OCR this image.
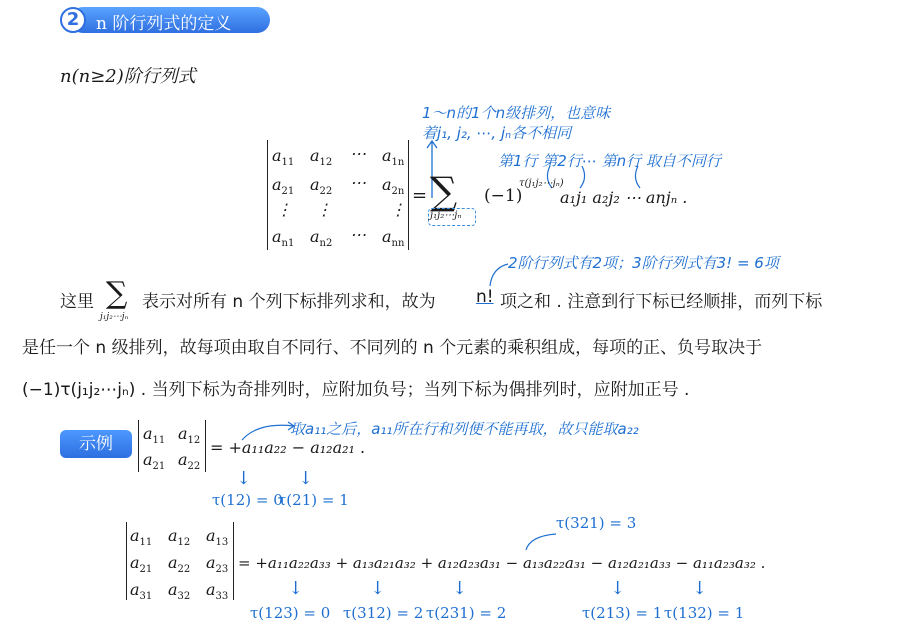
2 n 阶行列式的定义
n(n≥2)阶行列式
1～n的1个n级排列，也意味
着j₁, j₂, ⋯, jₙ各不相同
第1行 第2行⋯ 第n行 取自不同行
$a_{11}$ $a_{12}$ ⋯ $a_{1n}$
$a_{21}$ $a_{22}$ ⋯ $a_{2n}$
⋮ ⋮	⋮
$a_{n1}$ $a_{n2}$ ⋯ $a_{nn}$
= ∑
j₁j₂⋯jₙ
(−1)
τ(j₁j₂⋯jₙ)
a₁j₁ a₂j₂ ⋯ anjₙ .
2阶行列式有2项；3阶行列式有3! = 6项
这里 ∑
j₁j₂⋯jₙ
表示对所有 n 个列下标排列求和，故为 n! 项之和 . 注意到行下标已经顺排，而列下标
是任一个 n 级排列，故每项由取自不同行、不同列的 n 个元素的乘积组成，每项的正、负号取决于
(−1)τ(j₁j₂⋯jₙ) . 当列下标为奇排列时，应附加负号；当列下标为偶排列时，应附加正号 .
示例
取a₁₁之后，a₁₁所在行和列便不能再取，故只能取a₂₂
$a_{11}$ $a_{12}$
$a_{21}$ $a_{22}$
= +a₁₁a₂₂ − a₁₂a₂₁ .
↓	↓
τ(12) = 0
τ(21) = 1
τ(321) = 3
$a_{11}$ $a_{12}$ $a_{13}$
$a_{21}$ $a_{22}$ $a_{23}$
$a_{31}$ $a_{32}$ $a_{33}$
= +a₁₁a₂₂a₃₃ + a₁₃a₂₁a₃₂ + a₁₂a₂₃a₃₁ − a₁₃a₂₂a₃₁ − a₁₂a₂₁a₃₃ − a₁₁a₂₃a₃₂ .
↓	↓	↓	↓	↓
τ(123) = 0 τ(312) = 2 τ(231) = 2	τ(213) = 1 τ(132) = 1
